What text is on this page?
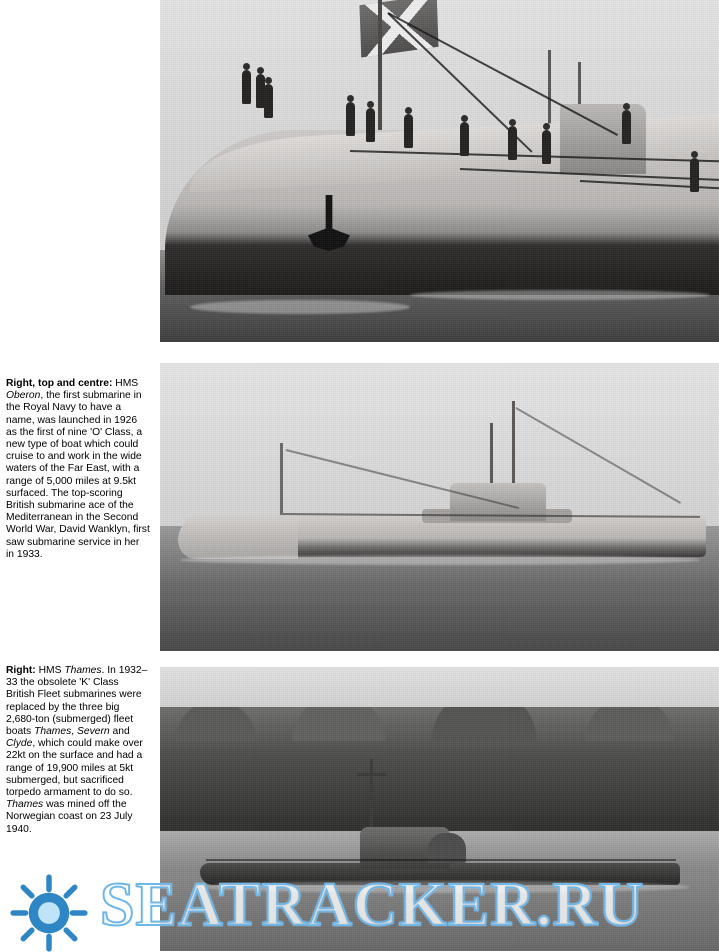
Right, top and centre: HMS Oberon, the first submarine in the Royal Navy to have a name, was launched in 1926 as the first of nine 'O' Class, a new type of boat which could cruise to and work in the wide waters of the Far East, with a range of 5,000 miles at 9.5kt surfaced. The top-scoring British submarine ace of the Mediterranean in the Second World War, David Wanklyn, first saw submarine service in her in 1933.
Right: HMS Thames. In 1932–33 the obsolete 'K' Class British Fleet submarines were replaced by the three big 2,680-ton (submerged) fleet boats Thames, Severn and Clyde, which could make over 22kt on the surface and had a range of 19,900 miles at 5kt submerged, but sacrificed torpedo armament to do so. Thames was mined off the Norwegian coast on 23 July 1940.
